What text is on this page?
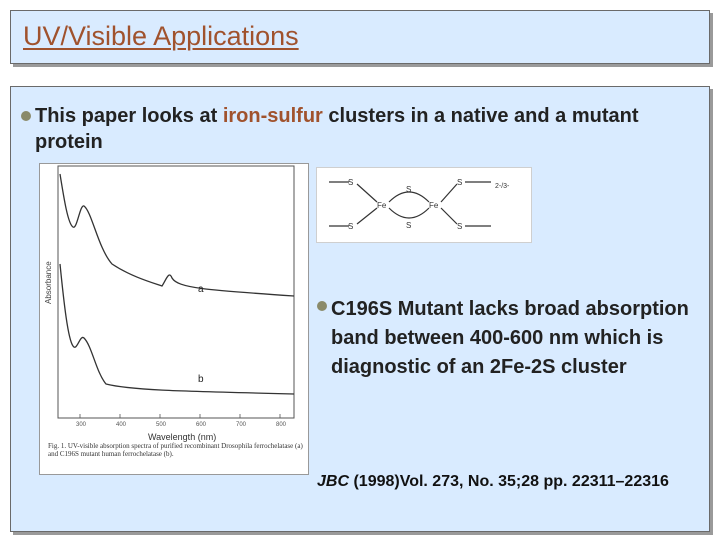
UV/Visible Applications
This paper looks at iron-sulfur clusters in a native and a mutant protein
300	400	500	600	700	800
Absorbance	a
b
Wavelength (nm)
Fig. 1. UV-visible absorption spectra of purified recombinant Drosophila ferrochelatase (a) and C196S mutant human ferrochelatase (b).
S
S
Fe
S
Fe
S
S
S
2-/3-
C196S Mutant lacks broad absorption band between 400-600 nm which is diagnostic of an 2Fe-2S cluster
JBC (1998)Vol. 273, No. 35;28 pp. 22311–22316
